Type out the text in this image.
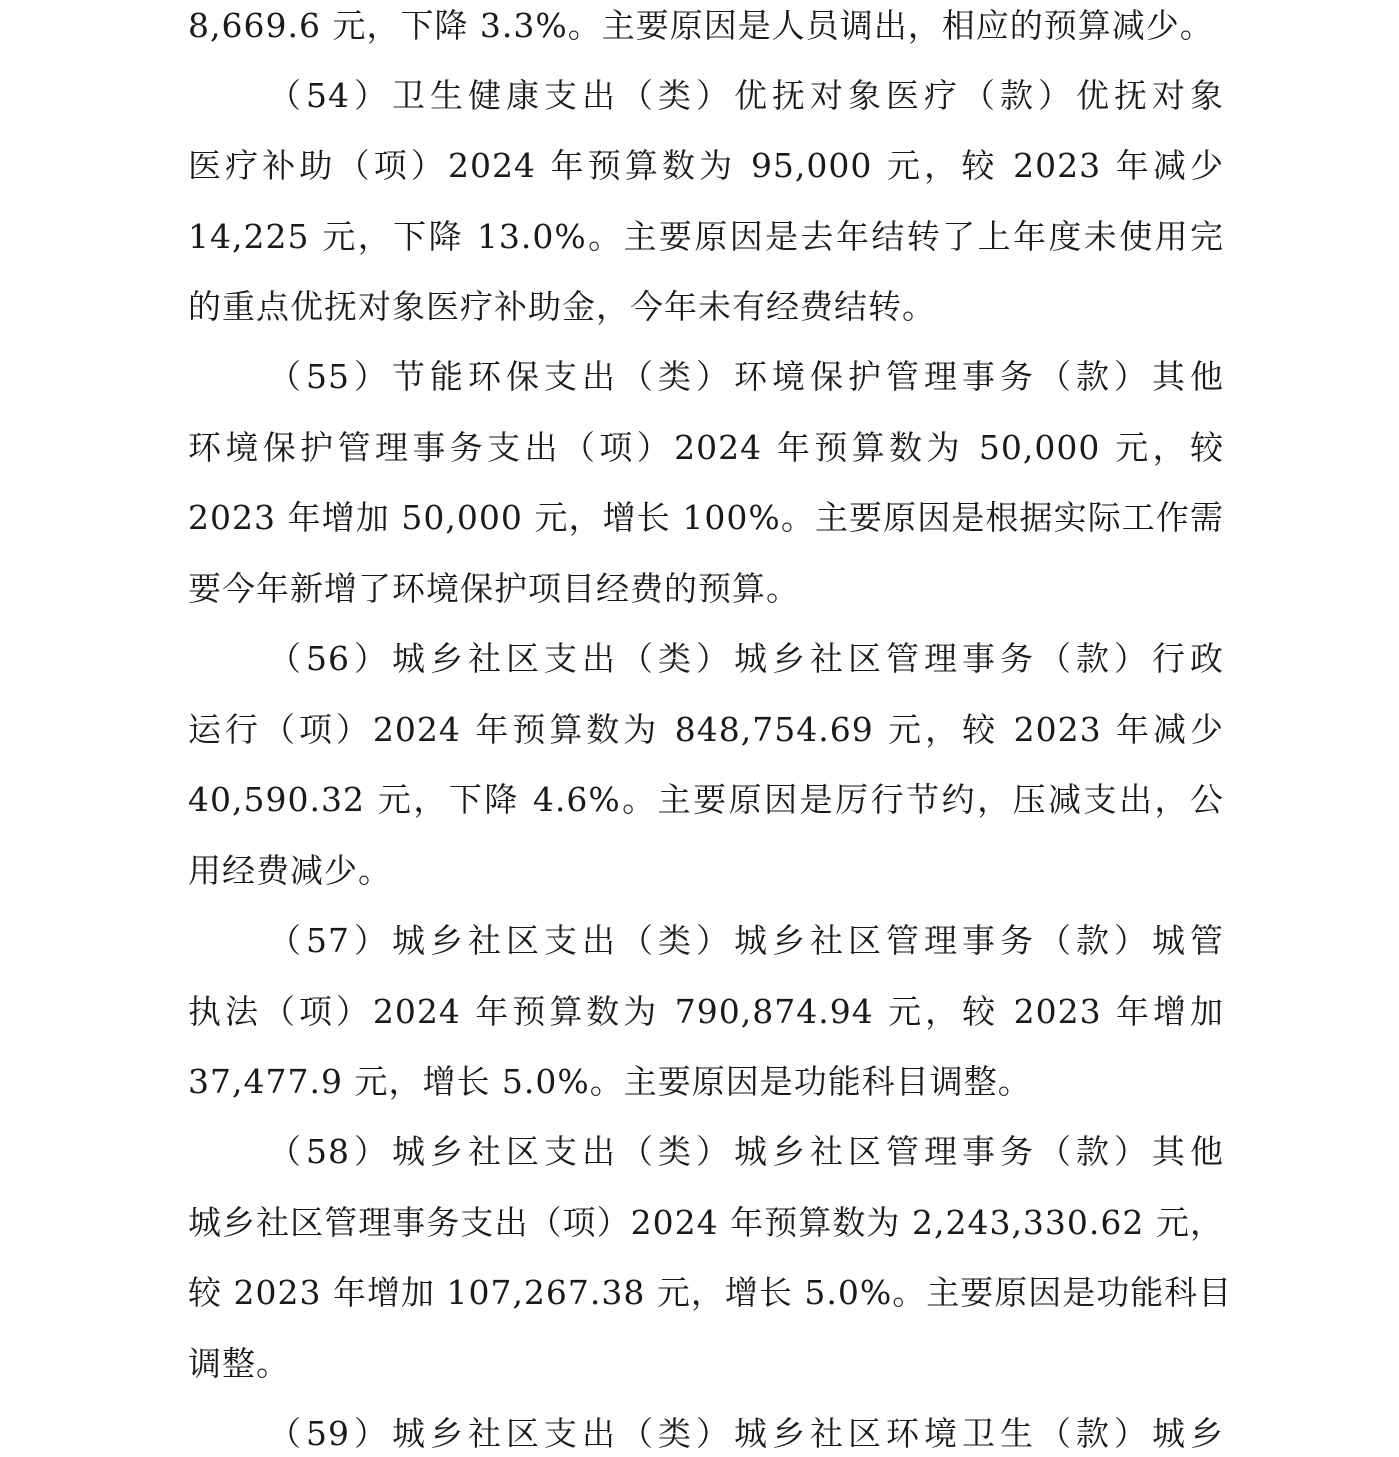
8,669.6 元，下降 3.3%。主要原因是人员调出，相应的预算减少。
（54）卫生健康支出（类）优抚对象医疗（款）优抚对象
医疗补助（项）2024 年预算数为 95,000 元，较 2023 年减少
14,225 元，下降 13.0%。主要原因是去年结转了上年度未使用完
的重点优抚对象医疗补助金，今年未有经费结转。
（55）节能环保支出（类）环境保护管理事务（款）其他
环境保护管理事务支出（项）2024 年预算数为 50,000 元，较
2023 年增加 50,000 元，增长 100%。主要原因是根据实际工作需
要今年新增了环境保护项目经费的预算。
（56）城乡社区支出（类）城乡社区管理事务（款）行政
运行（项）2024 年预算数为 848,754.69 元，较 2023 年减少
40,590.32 元，下降 4.6%。主要原因是厉行节约，压减支出，公
用经费减少。
（57）城乡社区支出（类）城乡社区管理事务（款）城管
执法（项）2024 年预算数为 790,874.94 元，较 2023 年增加
37,477.9 元，增长 5.0%。主要原因是功能科目调整。
（58）城乡社区支出（类）城乡社区管理事务（款）其他
城乡社区管理事务支出（项）2024 年预算数为 2,243,330.62 元，
较 2023 年增加 107,267.38 元，增长 5.0%。主要原因是功能科目
调整。
（59）城乡社区支出（类）城乡社区环境卫生（款）城乡
